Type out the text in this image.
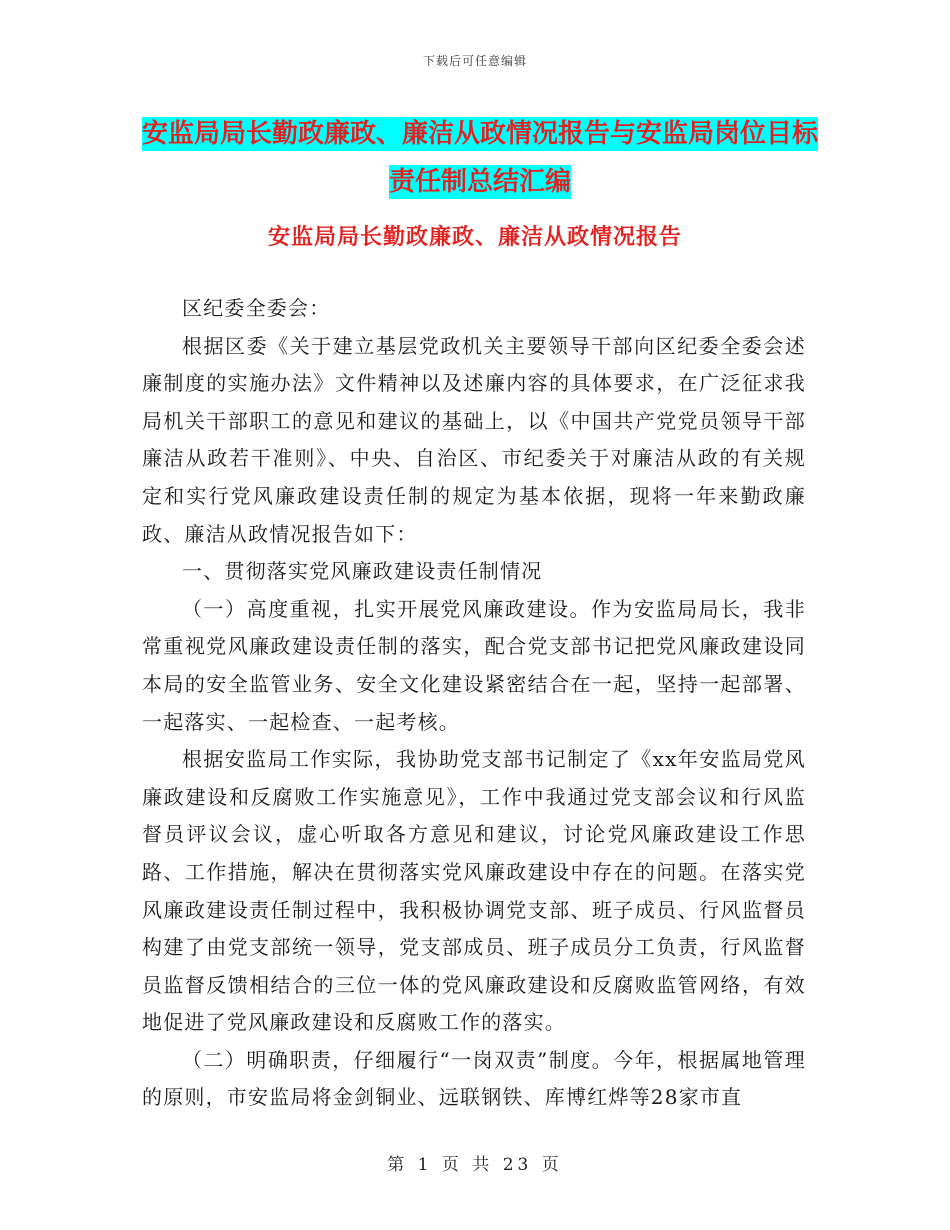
下载后可任意编辑
安监局局长勤政廉政、廉洁从政情况报告与安监局岗位目标责任制总结汇编
安监局局长勤政廉政、廉洁从政情况报告

区纪委全委会：

根据区委《关于建立基层党政机关主要领导干部向区纪委全委会述廉制度的实施办法》文件精神以及述廉内容的具体要求，在广泛征求我局机关干部职工的意见和建议的基础上，以《中国共产党党员领导干部廉洁从政若干准则》、中央、自治区、市纪委关于对廉洁从政的有关规定和实行党风廉政建设责任制的规定为基本依据，现将一年来勤政廉政、廉洁从政情况报告如下：

一、贯彻落实党风廉政建设责任制情况

（一）高度重视，扎实开展党风廉政建设。作为安监局局长，我非常重视党风廉政建设责任制的落实，配合党支部书记把党风廉政建设同本局的安全监管业务、安全文化建设紧密结合在一起，坚持一起部署、一起落实、一起检查、一起考核。

根据安监局工作实际，我协助党支部书记制定了《xx年安监局党风廉政建设和反腐败工作实施意见》，工作中我通过党支部会议和行风监督员评议会议，虚心听取各方意见和建议，讨论党风廉政建设工作思路、工作措施，解决在贯彻落实党风廉政建设中存在的问题。在落实党风廉政建设责任制过程中，我积极协调党支部、班子成员、行风监督员构建了由党支部统一领导，党支部成员、班子成员分工负责，行风监督员监督反馈相结合的三位一体的党风廉政建设和反腐败监管网络，有效地促进了党风廉政建设和反腐败工作的落实。

（二）明确职责，仔细履行“一岗双责”制度。今年，根据属地管理的原则，市安监局将金剑铜业、远联钢铁、库博红烨等28家市直

第 1 页 共 23 页
